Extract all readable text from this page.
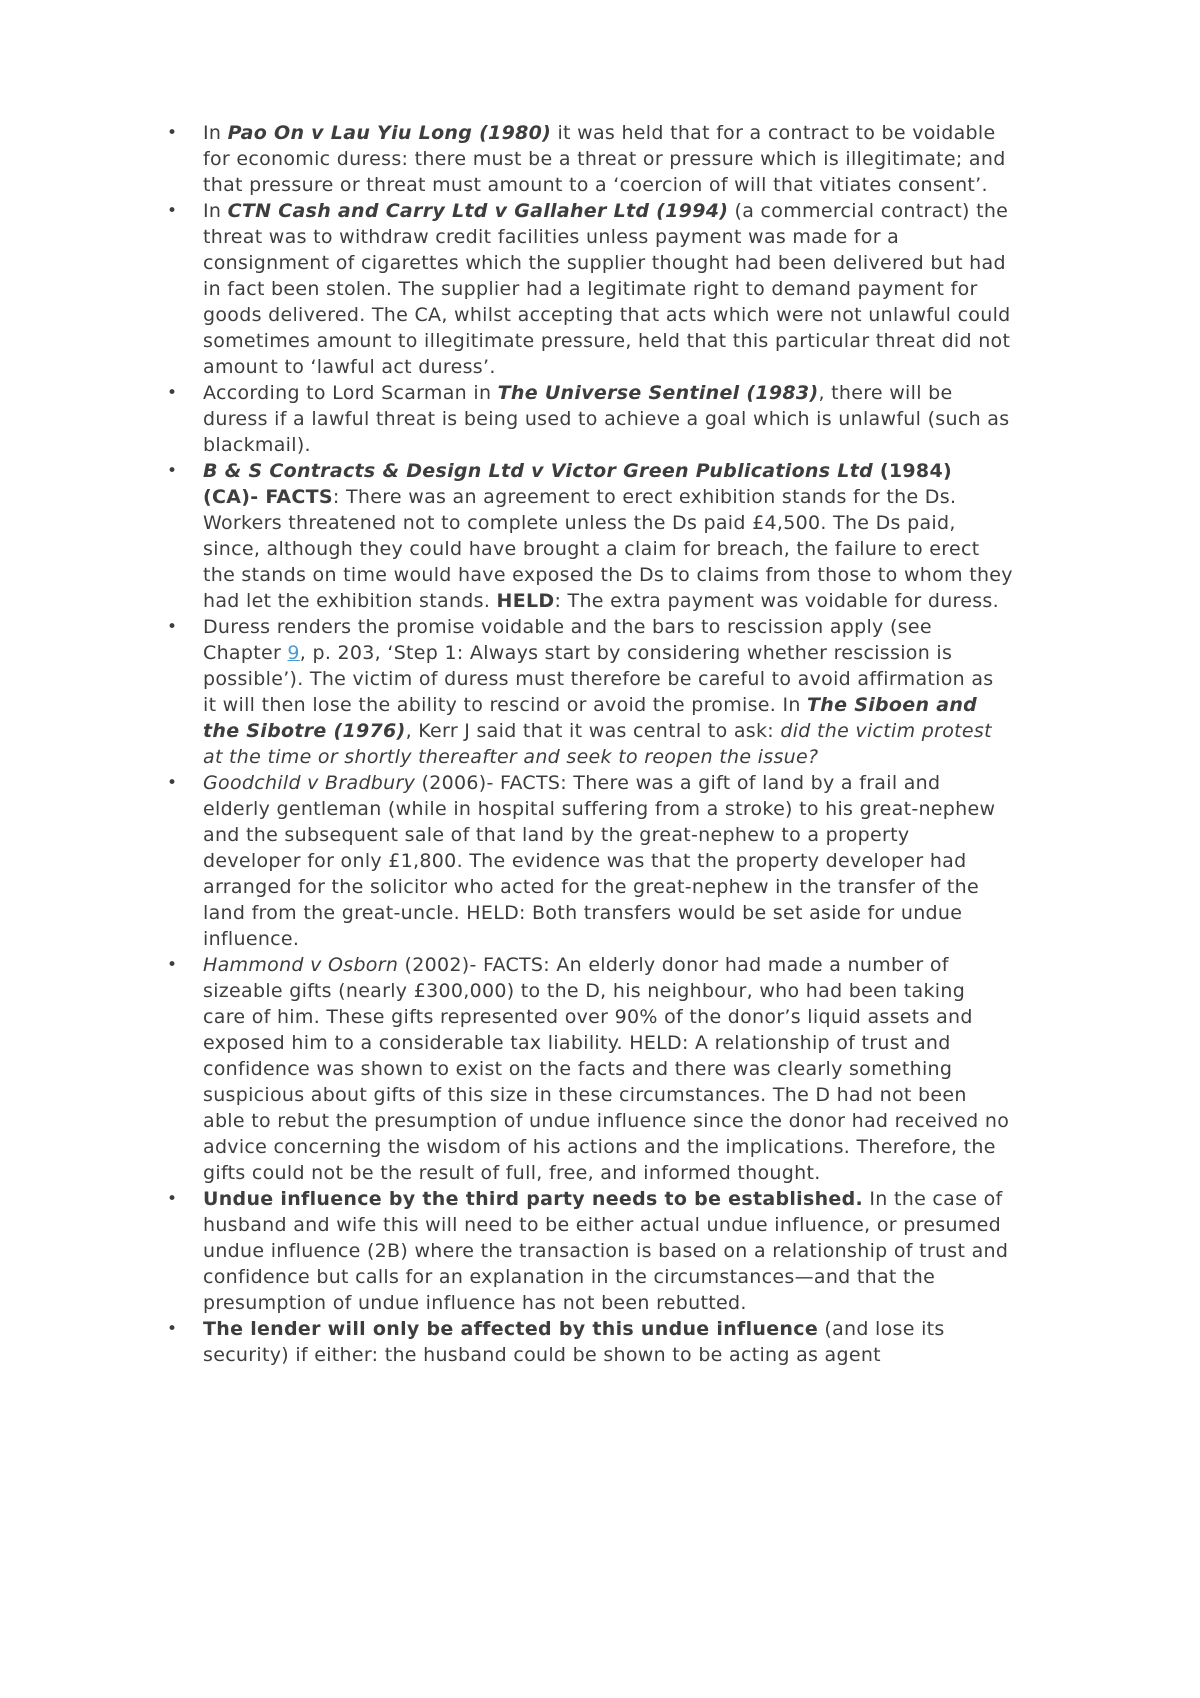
•	In Pao On v Lau Yiu Long (1980) it was held that for a contract to be voidable for economic duress: there must be a threat or pressure which is illegitimate; and that pressure or threat must amount to a ‘coercion of will that vitiates consent’.
•	In CTN Cash and Carry Ltd v Gallaher Ltd (1994) (a commercial contract) the threat was to withdraw credit facilities unless payment was made for a consignment of cigarettes which the supplier thought had been delivered but had in fact been stolen. The supplier had a legitimate right to demand payment for goods delivered. The CA, whilst accepting that acts which were not unlawful could sometimes amount to illegitimate pressure, held that this particular threat did not amount to ‘lawful act duress’.
•	According to Lord Scarman in The Universe Sentinel (1983), there will be duress if a lawful threat is being used to achieve a goal which is unlawful (such as blackmail).
•	B & S Contracts & Design Ltd v Victor Green Publications Ltd (1984) (CA)- FACTS: There was an agreement to erect exhibition stands for the Ds. Workers threatened not to complete unless the Ds paid £4,500. The Ds paid, since, although they could have brought a claim for breach, the failure to erect the stands on time would have exposed the Ds to claims from those to whom they had let the exhibition stands. HELD: The extra payment was voidable for duress.
•	Duress renders the promise voidable and the bars to rescission apply (see Chapter 9, p. 203, ‘Step 1: Always start by considering whether rescission is possible’). The victim of duress must therefore be careful to avoid affirmation as it will then lose the ability to rescind or avoid the promise. In The Siboen and the Sibotre (1976), Kerr J said that it was central to ask: did the victim protest at the time or shortly thereafter and seek to reopen the issue?
•	Goodchild v Bradbury (2006)- FACTS: There was a gift of land by a frail and elderly gentleman (while in hospital suffering from a stroke) to his great-nephew and the subsequent sale of that land by the great-nephew to a property developer for only £1,800. The evidence was that the property developer had arranged for the solicitor who acted for the great-nephew in the transfer of the land from the great-uncle. HELD: Both transfers would be set aside for undue influence.
•	Hammond v Osborn (2002)- FACTS: An elderly donor had made a number of sizeable gifts (nearly £300,000) to the D, his neighbour, who had been taking care of him. These gifts represented over 90% of the donor’s liquid assets and exposed him to a considerable tax liability. HELD: A relationship of trust and confidence was shown to exist on the facts and there was clearly something suspicious about gifts of this size in these circumstances. The D had not been able to rebut the presumption of undue influence since the donor had received no advice concerning the wisdom of his actions and the implications. Therefore, the gifts could not be the result of full, free, and informed thought.
•	Undue influence by the third party needs to be established. In the case of husband and wife this will need to be either actual undue influence, or presumed undue influence (2B) where the transaction is based on a relationship of trust and confidence but calls for an explanation in the circumstances—and that the presumption of undue influence has not been rebutted.
•	The lender will only be affected by this undue influence (and lose its security) if either: the husband could be shown to be acting as agent
